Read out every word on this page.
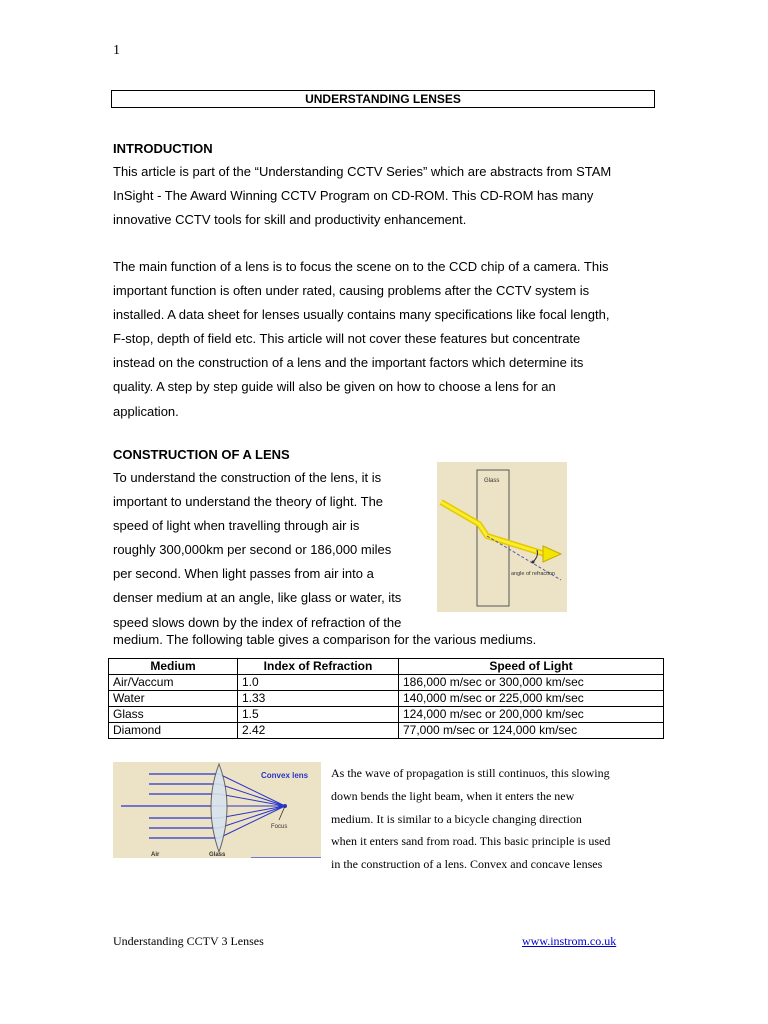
1
UNDERSTANDING LENSES
INTRODUCTION
This article is part of the “Understanding CCTV Series” which are abstracts from STAM
InSight - The Award Winning CCTV Program on CD-ROM. This CD-ROM has many
innovative CCTV tools for skill and productivity enhancement.
The main function of a lens is to focus the scene on to the CCD chip of a camera. This
important function is often under rated, causing problems after the CCTV system is
installed. A data sheet for lenses usually contains many specifications like focal length,
F-stop, depth of field etc. This article will not cover these features but concentrate
instead on the construction of a lens and the important factors which determine its
quality. A step by step guide will also be given on how to choose a lens for an
application.
CONSTRUCTION OF A LENS
To understand the construction of the lens, it is
important to understand the theory of light. The
speed of light when travelling through air is
roughly 300,000km per second or 186,000 miles
per second. When light passes from air into a
denser medium at an angle, like glass or water, its
speed slows down by the index of refraction of the
Glass
angle of refraction
medium. The following table gives a comparison for the various mediums.
Medium	Index of Refraction	Speed of Light
Air/Vaccum	1.0	186,000 m/sec or 300,000 km/sec
Water	1.33	140,000 m/sec or 225,000 km/sec
Glass	1.5	124,000 m/sec or 200,000 km/sec
Diamond	2.42	77,000 m/sec or 124,000 km/sec
Convex lens
Focus
Air	Glass
As the wave of propagation is still continuos, this slowing
down bends the light beam, when it enters the new
medium. It is similar to a bicycle changing direction
when it enters sand from road. This basic principle is used
in the construction of a lens. Convex and concave lenses
Understanding CCTV 3 Lenses	www.instrom.co.uk
